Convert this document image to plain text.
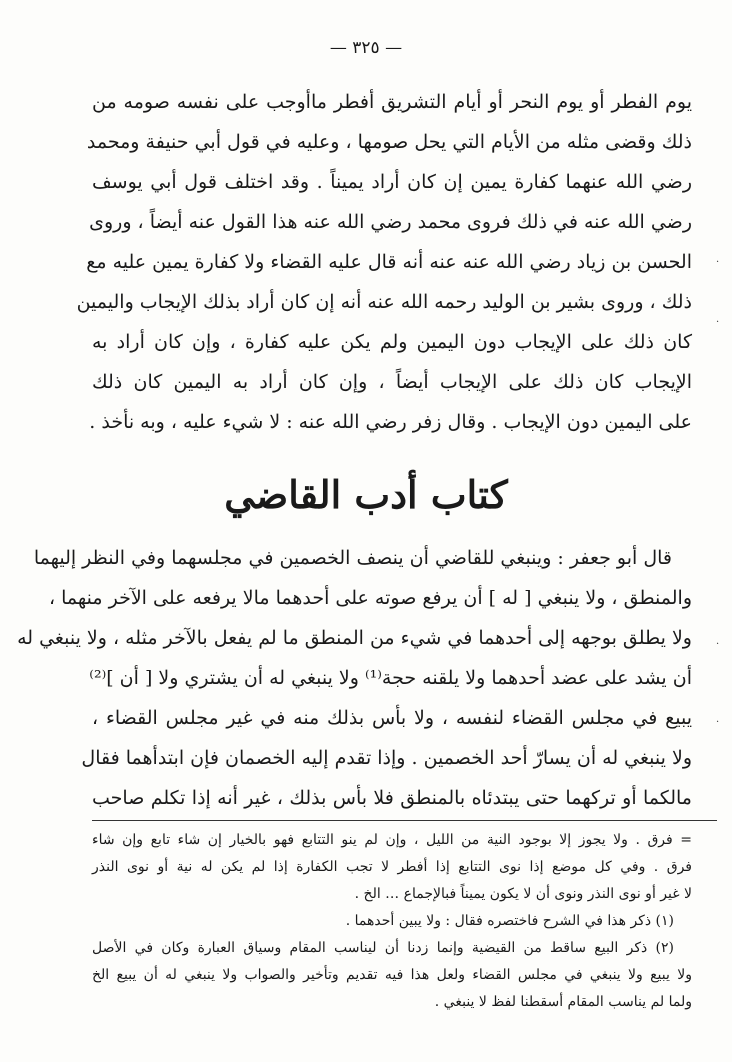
— ٣٢٥ —
يوم الفطر أو يوم النحر أو أيام التشريق أفطر ماأوجب على نفسه صومه من
ذلك وقضى مثله من الأيام التي يحل صومها ، وعليه في قول أبي حنيفة ومحمد
رضي الله عنهما كفارة يمين إن كان أراد يميناً . وقد اختلف قول أبي يوسف
رضي الله عنه في ذلك فروى محمد رضي الله عنه هذا القول عنه أيضاً ، وروى
الحسن بن زياد رضي الله عنه عنه أنه قال عليه القضاء ولا كفارة يمين عليه مع
ذلك ، وروى بشير بن الوليد رحمه الله عنه أنه إن كان أراد بذلك الإيجاب واليمين
كان ذلك على الإيجاب دون اليمين ولم يكن عليه كفارة ، وإن كان أراد به
الإيجاب كان ذلك على الإيجاب أيضاً ، وإن كان أراد به اليمين كان ذلك
على اليمين دون الإيجاب . وقال زفر رضي الله عنه : لا شيء عليه ، وبه نأخذ .
كتاب أدب القاضي
قال أبو جعفر : وينبغي للقاضي أن ينصف الخصمين في مجلسهما وفي النظر إليهما
والمنطق ، ولا ينبغي [ له ] أن يرفع صوته على أحدهما مالا يرفعه على الآخر منهما ،
ولا يطلق بوجهه إلى أحدهما في شيء من المنطق ما لم يفعل بالآخر مثله ، ولا ينبغي له
أن يشد على عضد أحدهما ولا يلقنه حجة⁽¹⁾ ولا ينبغي له أن يشتري ولا [ أن ]⁽²⁾
يبيع في مجلس القضاء لنفسه ، ولا بأس بذلك منه في غير مجلس القضاء ،
ولا ينبغي له أن يسارّ أحد الخصمين . وإذا تقدم إليه الخصمان فإن ابتدأهما فقال
مالكما أو تركهما حتى يبتدئاه بالمنطق فلا بأس بذلك ، غير أنه إذا تكلم صاحب
= فرق . ولا يجوز إلا بوجود النية من الليل ، وإن لم ينو التتابع فهو بالخيار إن شاء تابع وإن شاء
فرق . وفي كل موضع إذا نوى التتابع إذا أفطر لا تجب الكفارة إذا لم يكن له نية أو نوى النذر
لا غير أو نوى النذر ونوى أن لا يكون يميناً فبالإجماع … الخ .
(١) ذكر هذا في الشرح فاختصره فقال : ولا يبين أحدهما .
(٢) ذكر البيع ساقط من القيضية وإنما زدنا أن ليناسب المقام وسياق العبارة وكان في الأصل
ولا يبيع ولا ينبغي في مجلس القضاء ولعل هذا فيه تقديم وتأخير والصواب ولا ينبغي له أن يبيع الخ
ولما لم يناسب المقام أسقطنا لفظ لا ينبغي .
·
·
·
·
